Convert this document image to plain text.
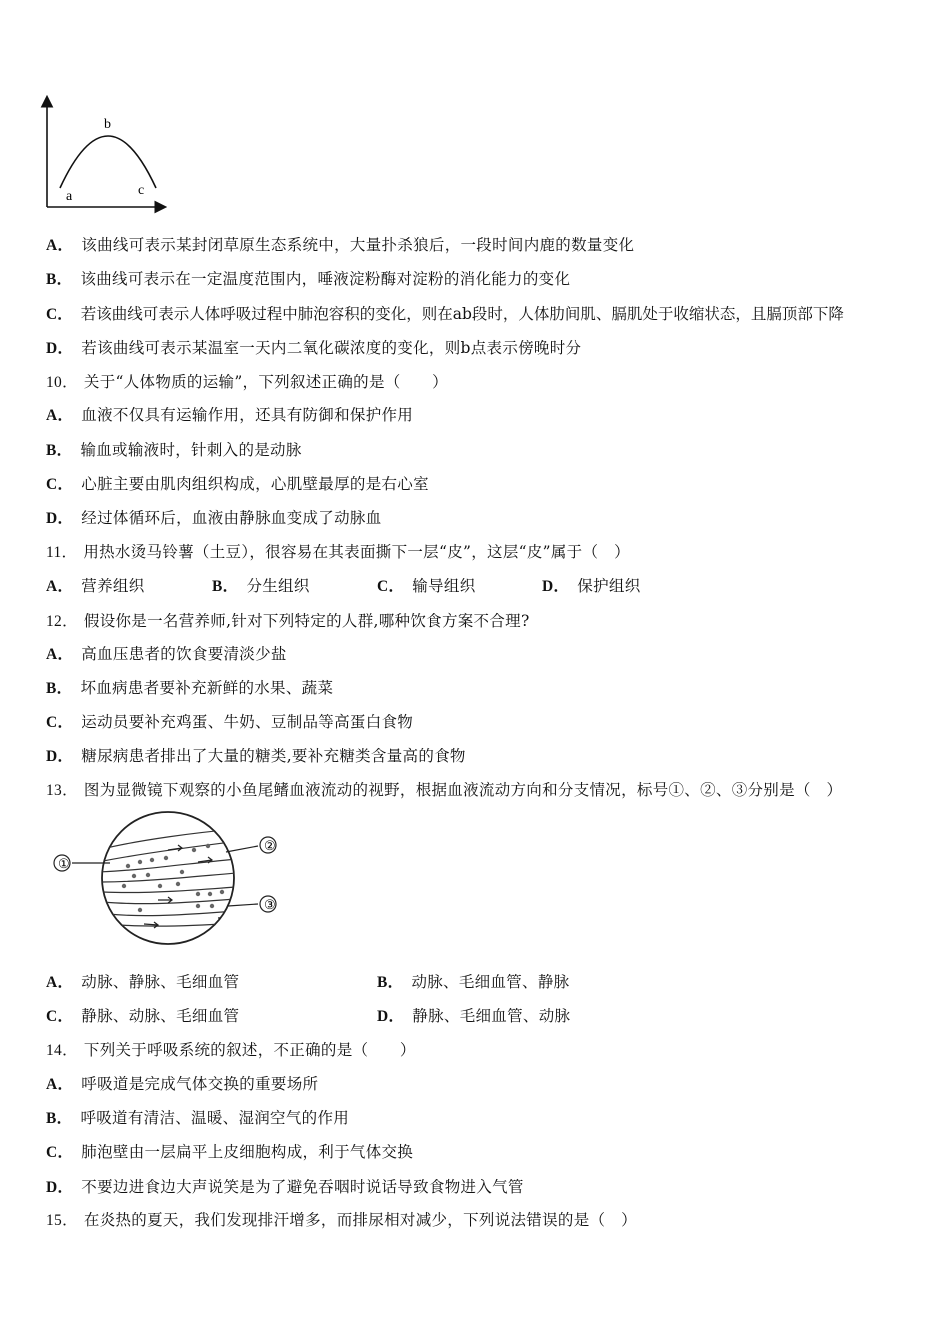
a
b
c
A． 该曲线可表示某封闭草原生态系统中，大量扑杀狼后，一段时间内鹿的数量变化
B． 该曲线可表示在一定温度范围内，唾液淀粉酶对淀粉的消化能力的变化
C． 若该曲线可表示人体呼吸过程中肺泡容积的变化，则在ab段时，人体肋间肌、膈肌处于收缩状态，且膈顶部下降
D． 若该曲线可表示某温室一天内二氧化碳浓度的变化，则b点表示傍晚时分
10． 关于“人体物质的运输”，下列叙述正确的是（　　）
A． 血液不仅具有运输作用，还具有防御和保护作用
B． 输血或输液时，针刺入的是动脉
C． 心脏主要由肌肉组织构成，心肌壁最厚的是右心室
D． 经过体循环后，血液由静脉血变成了动脉血
11． 用热水烫马铃薯（土豆），很容易在其表面撕下一层“皮”，这层“皮”属于（　）
A． 营养组织	B． 分生组织	C． 输导组织	D． 保护组织
12． 假设你是一名营养师,针对下列特定的人群,哪种饮食方案不合理?
A． 高血压患者的饮食要清淡少盐
B． 坏血病患者要补充新鲜的水果、蔬菜
C． 运动员要补充鸡蛋、牛奶、豆制品等高蛋白食物
D． 糖尿病患者排出了大量的糖类,要补充糖类含量高的食物
13． 图为显微镜下观察的小鱼尾鳍血液流动的视野，根据血液流动方向和分支情况，标号①、②、③分别是（　）
①
②
③
A． 动脉、静脉、毛细血管	B． 动脉、毛细血管、静脉
C． 静脉、动脉、毛细血管	D． 静脉、毛细血管、动脉
14． 下列关于呼吸系统的叙述，不正确的是（　　）
A． 呼吸道是完成气体交换的重要场所
B． 呼吸道有清洁、温暖、湿润空气的作用
C． 肺泡壁由一层扁平上皮细胞构成，利于气体交换
D． 不要边进食边大声说笑是为了避免吞咽时说话导致食物进入气管
15． 在炎热的夏天，我们发现排汗增多，而排尿相对减少，下列说法错误的是（　）
